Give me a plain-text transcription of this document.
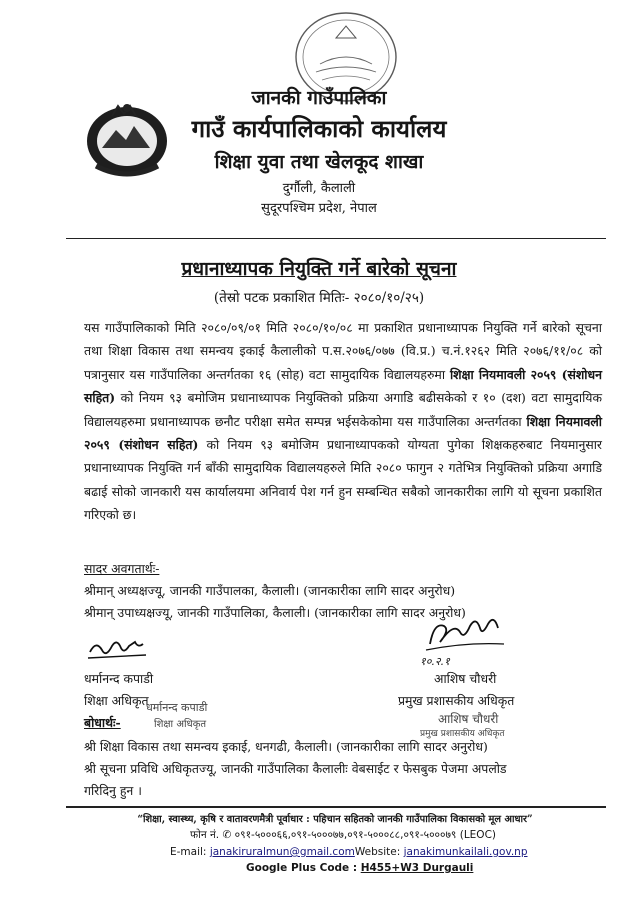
जानकी गाउँपालिका
गाउँ कार्यपालिकाको कार्यालय
शिक्षा युवा तथा खेलकूद शाखा
दुर्गौली, कैलाली
सुदूरपश्चिम प्रदेश, नेपाल
प्रधानाध्यापक नियुक्ति गर्ने बारेको सूचना
(तेस्रो पटक प्रकाशित मितिः- २०८०/१०/२५)
यस गाउँपालिकाको मिति २०८०/०९/०१ मिति २०८०/१०/०८ मा प्रकाशित प्रधानाध्यापक नियुक्ति गर्ने बारेको सूचना तथा शिक्षा विकास तथा समन्वय इकाई कैलालीको प.स.२०७६/०७७ (वि.प्र.) च.नं.१२६२ मिति २०७६/११/०८ को पत्रानुसार यस गाउँपालिका अन्तर्गतका १६ (सोह) वटा सामुदायिक विद्यालयहरुमा शिक्षा नियमावली २०५९ (संशोधन सहित) को नियम ९३ बमोजिम प्रधानाध्यापक नियुक्तिको प्रक्रिया अगाडि बढीसकेको र १० (दश) वटा सामुदायिक विद्यालयहरुमा प्रधानाध्यापक छनौट परीक्षा समेत सम्पन्न भईसकेकोमा यस गाउँपालिका अन्तर्गतका शिक्षा नियमावली २०५९ (संशोधन सहित) को नियम ९३ बमोजिम प्रधानाध्यापकको योग्यता पुगेका शिक्षकहरुबाट नियमानुसार प्रधानाध्यापक नियुक्ति गर्न बाँकी सामुदायिक विद्यालयहरुले मिति २०८० फागुन २ गतेभित्र नियुक्तिको प्रक्रिया अगाडि बढाई सोको जानकारी यस कार्यालयमा अनिवार्य पेश गर्न हुन सम्बन्धित सबैको जानकारीका लागि यो सूचना प्रकाशित गरिएको छ।
सादर अवगतार्थः-
श्रीमान् अध्यक्षज्यू, जानकी गाउँपालका, कैलाली। (जानकारीका लागि सादर अनुरोध)
श्रीमान् उपाध्यक्षज्यू, जानकी गाउँपालिका, कैलाली। (जानकारीका लागि सादर अनुरोध)
धर्मानन्द कपाडी
शिक्षा अधिकृत
धर्मानन्द कपाडी
शिक्षा अधिकृत
१०.२.१
आशिष चौधरी
प्रमुख प्रशासकीय अधिकृत
आशिष चौधरी
प्रमुख प्रशासकीय अधिकृत
बोधार्थः-
श्री शिक्षा विकास तथा समन्वय इकाई, धनगढी, कैलाली। (जानकारीका लागि सादर अनुरोध)
श्री सूचना प्रविधि अधिकृतज्यू, जानकी गाउँपालिका कैलालीः वेबसाईट र फेसबुक पेजमा अपलोड
गरिदिनु हुन ।
“शिक्षा, स्वास्थ्य, कृषि र वातावरणमैत्री पूर्वाधार : पहिचान सहितको जानकी गाउँपालिका विकासको मूल आधार”
फोन नं. ✆ ०९१-५०००६६,०९१-५०००७७,०९१-५०००८८,०९१-५०००७९ (LEOC)
E-mail: janakiruralmun@gmail.comWebsite: janakimunkailali.gov.np
Google Plus Code : H455+W3 Durgauli
